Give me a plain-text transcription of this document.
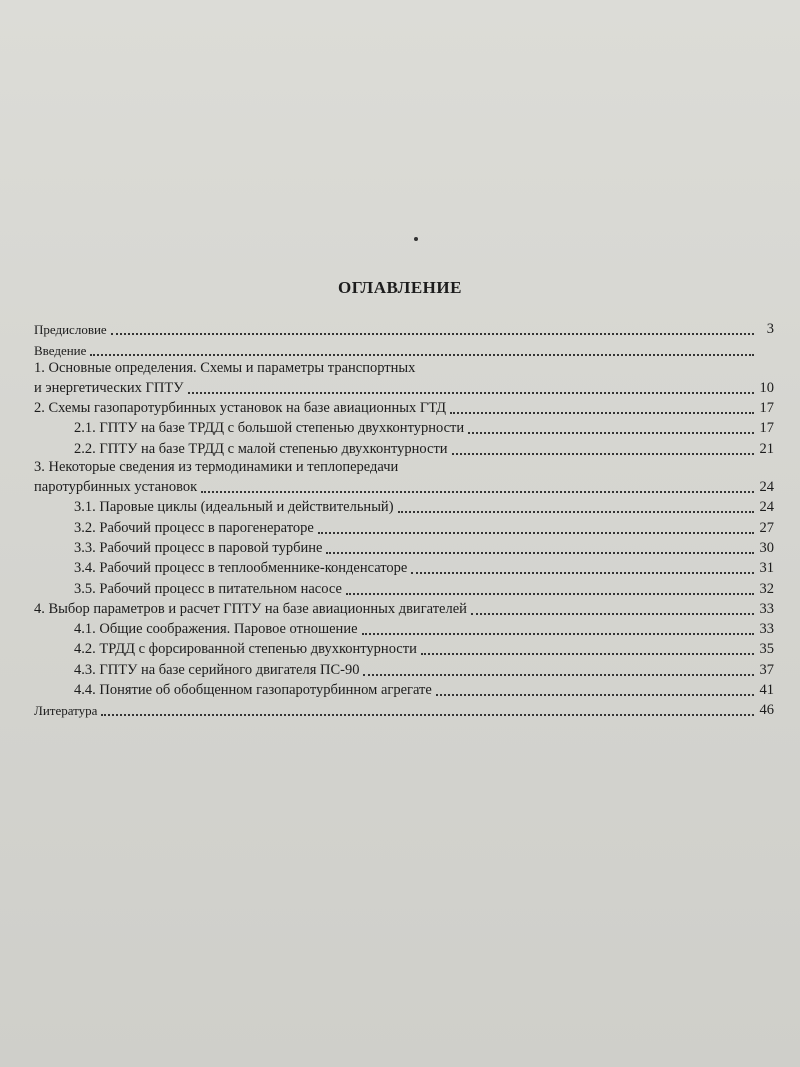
ОГЛАВЛЕНИЕ
Предисловие	3
Введение
1. Основные определения. Схемы и параметры транспортных
и энергетических ГПТУ	10
2. Схемы газопаротурбинных установок на базе авиационных ГТД	17
2.1. ГПТУ на базе ТРДД с большой степенью двухконтурности	17
2.2. ГПТУ на базе ТРДД с малой степенью двухконтурности	21
3. Некоторые сведения из термодинамики и теплопередачи
паротурбинных установок	24
3.1. Паровые циклы (идеальный и действительный)	24
3.2. Рабочий процесс в парогенераторе	27
3.3. Рабочий процесс в паровой турбине	30
3.4. Рабочий процесс в теплообменнике-конденсаторе	31
3.5. Рабочий процесс в питательном насосе	32
4. Выбор параметров и расчет ГПТУ на базе авиационных двигателей	33
4.1. Общие соображения. Паровое отношение	33
4.2. ТРДД с форсированной степенью двухконтурности	35
4.3. ГПТУ на базе серийного двигателя ПС-90	37
4.4. Понятие об обобщенном газопаротурбинном агрегате	41
Литература	46
